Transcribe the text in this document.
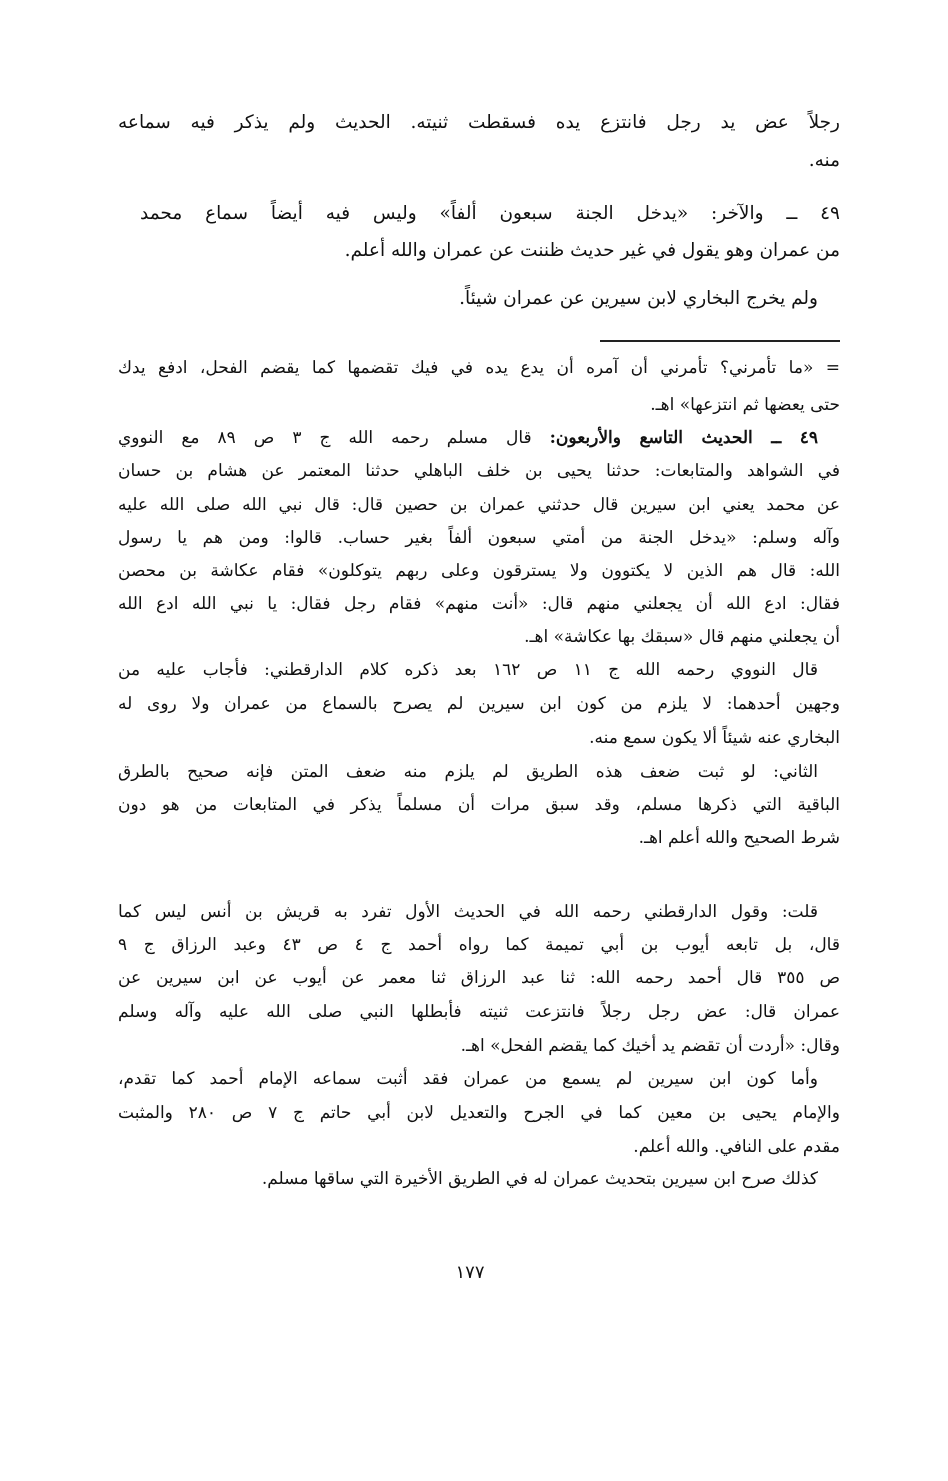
رجلاً عض يد رجل فانتزع يده فسقطت ثنيته. الحديث ولم يذكر فيه سماعه
منه.
٤٩ ــ والآخر: «يدخل الجنة سبعون ألفاً» وليس فيه أيضاً سماع محمد
من عمران وهو يقول في غير حديث ظننت عن عمران والله أعلم.
ولم يخرج البخاري لابن سيرين عن عمران شيئاً.
= «ما تأمرني؟ تأمرني أن آمره أن يدع يده في فيك تقضمها كما يقضم الفحل، ادفع يدك
حتى يعضها ثم انتزعها» اهـ.
٤٩ ــ الحديث التاسع والأربعون: قال مسلم رحمه الله ج ٣ ص ٨٩ مع النووي
في الشواهد والمتابعات: حدثنا يحيى بن خلف الباهلي حدثنا المعتمر عن هشام بن حسان
عن محمد يعني ابن سيرين قال حدثني عمران بن حصين قال: قال نبي الله صلى الله عليه
وآله وسلم: «يدخل الجنة من أمتي سبعون ألفاً بغير حساب. قالوا: ومن هم يا رسول
الله: قال هم الذين لا يكتوون ولا يسترقون وعلى ربهم يتوكلون» فقام عكاشة بن محصن
فقال: ادع الله أن يجعلني منهم قال: «أنت منهم» فقام رجل فقال: يا نبي الله ادع الله
أن يجعلني منهم قال «سبقك بها عكاشة» اهـ.
قال النووي رحمه الله ج ١١ ص ١٦٢ بعد ذكره كلام الدارقطني: فأجاب عليه من
وجهين أحدهما: لا يلزم من كون ابن سيرين لم يصرح بالسماع من عمران ولا روى له
البخاري عنه شيئاً ألا يكون سمع منه.
الثاني: لو ثبت ضعف هذه الطريق لم يلزم منه ضعف المتن فإنه صحيح بالطرق
الباقية التي ذكرها مسلم، وقد سبق مرات أن مسلماً يذكر في المتابعات من هو دون
شرط الصحيح والله أعلم اهـ.
قلت: وقول الدارقطني رحمه الله في الحديث الأول تفرد به قريش بن أنس ليس كما
قال، بل تابعه أيوب بن أبي تميمة كما رواه أحمد ج ٤ ص ٤٣ وعبد الرزاق ج ٩
ص ٣٥٥ قال أحمد رحمه الله: ثنا عبد الرزاق ثنا معمر عن أيوب عن ابن سيرين عن
عمران قال: عض رجل رجلاً فانتزعت ثنيته فأبطلها النبي صلى الله عليه وآله وسلم
وقال: «أردت أن تقضم يد أخيك كما يقضم الفحل» اهـ.
وأما كون ابن سيرين لم يسمع من عمران فقد أثبت سماعه الإمام أحمد كما تقدم،
والإمام يحيى بن معين كما في الجرح والتعديل لابن أبي حاتم ج ٧ ص ٢٨٠ والمثبت
مقدم على النافي. والله أعلم.
كذلك صرح ابن سيرين بتحديث عمران له في الطريق الأخيرة التي ساقها مسلم.
١٧٧
